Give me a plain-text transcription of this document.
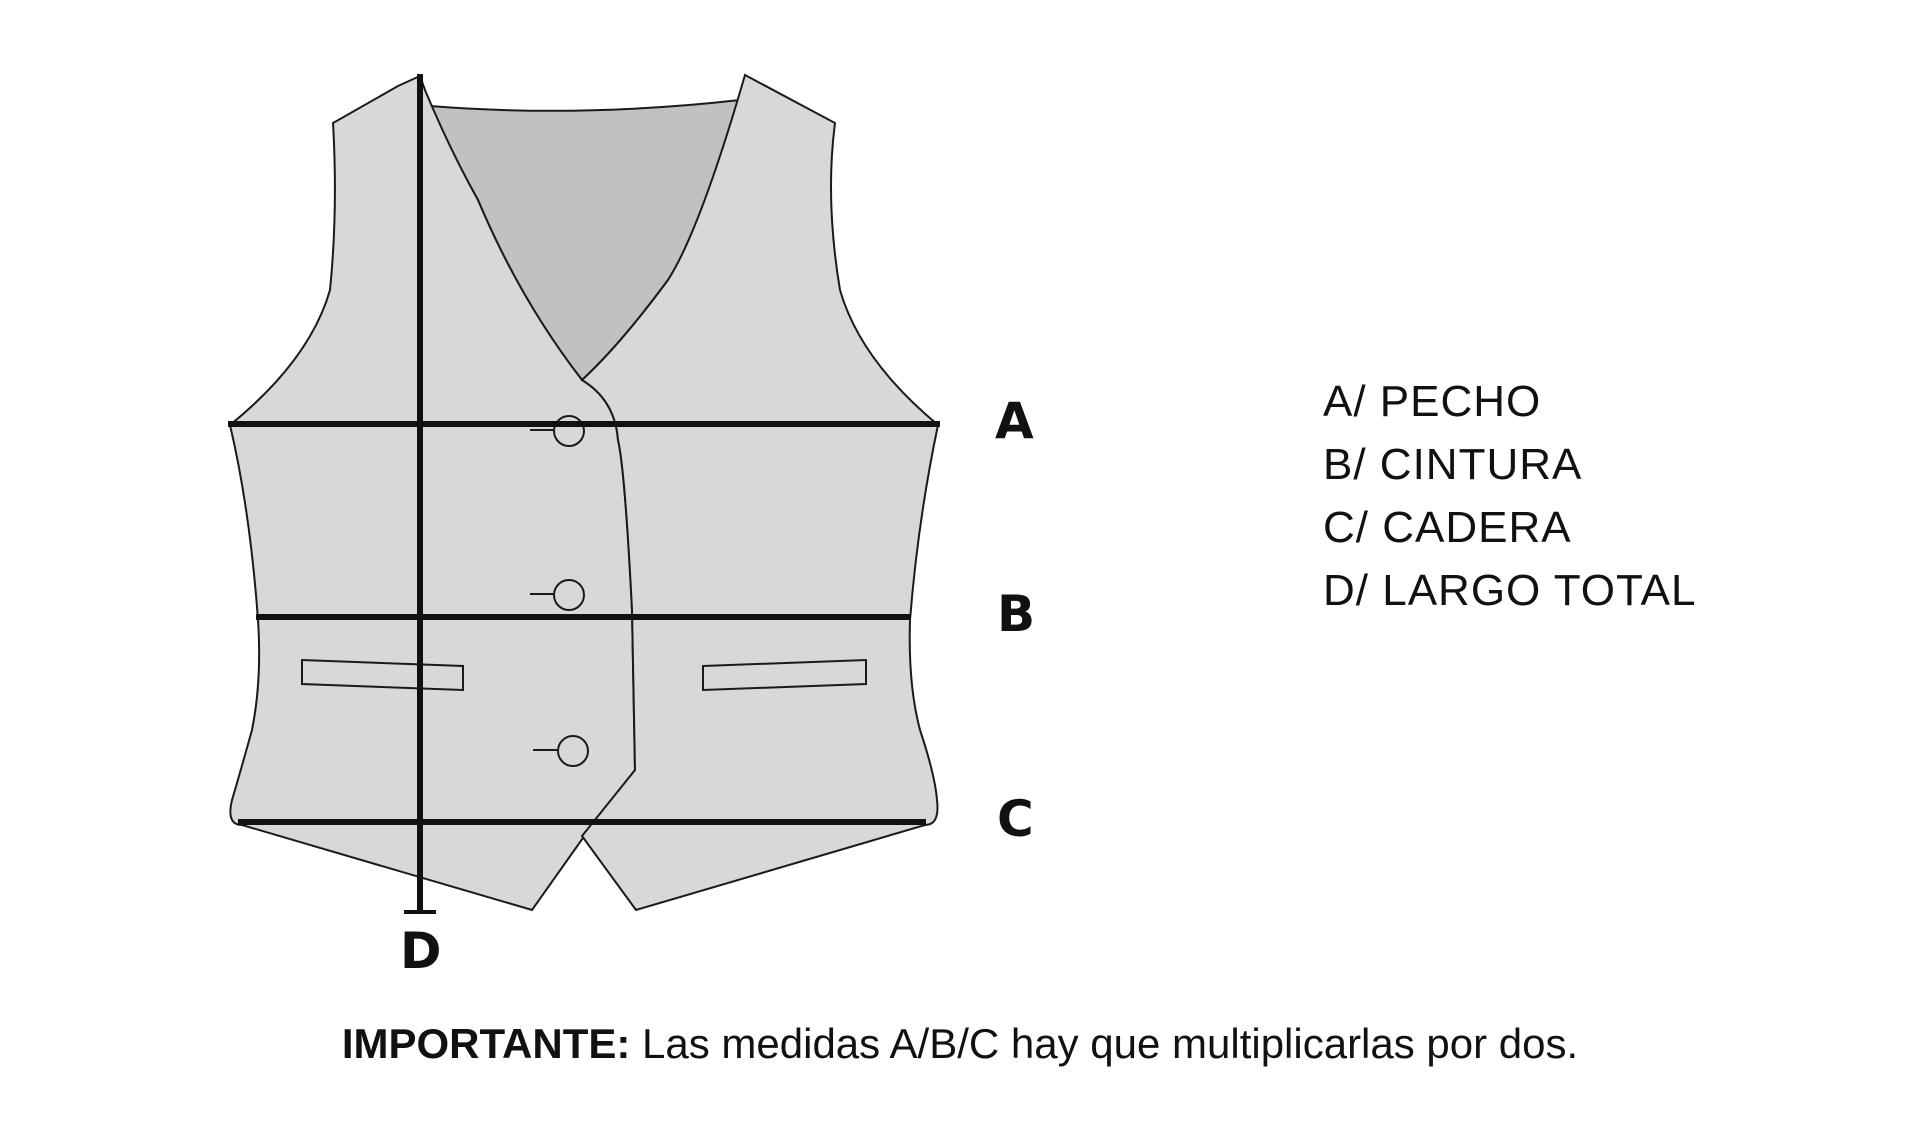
A
B
C
D
A/ PECHO
B/ CINTURA
C/ CADERA
D/ LARGO TOTAL
IMPORTANTE: Las medidas A/B/C hay que multiplicarlas por dos.
